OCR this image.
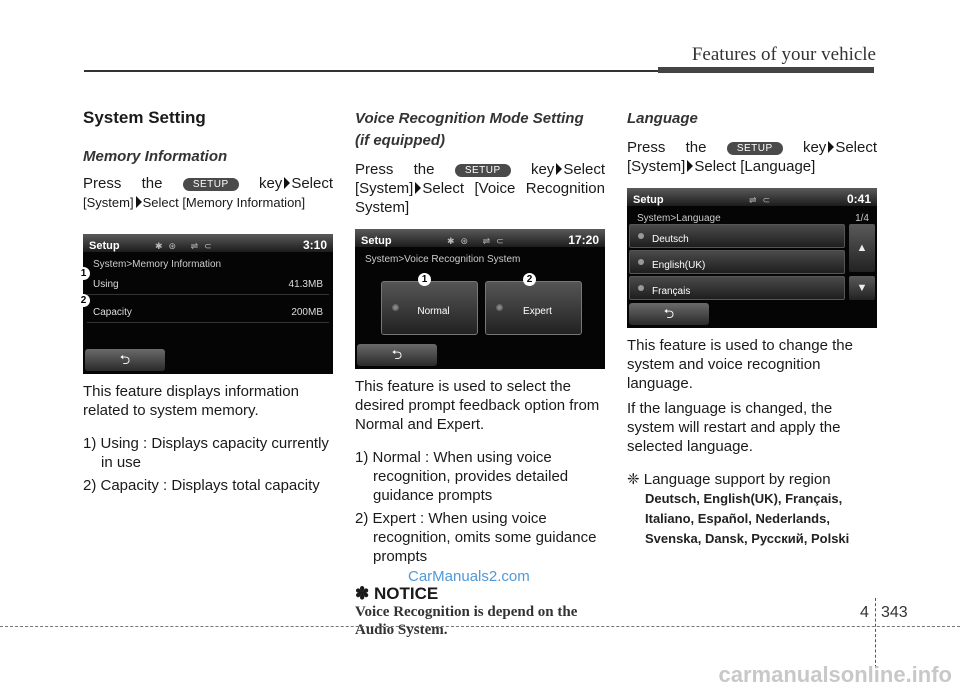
Features of your vehicle
System Setting
Memory Information

Press the	SETUP key Select

[System] Select [Memory Information]

Setup	✱⊛ ⇌⊂	3:10
System>Memory Information
Using	41.3MB
Capacity	200MB
⮌

This feature displays information related to system memory.

1) Using : Displays capacity currently in use
2) Capacity : Displays total capacity
1
2
Voice Recognition Mode Setting
(if equipped)

Press the	SETUP key Select

[System] Select [Voice Recognition

System]

Setup	✱⊛ ⇌⊂	17:20
System>Voice Recognition System
Normal	Expert
1	2
⮌

This feature is used to select the desired prompt feedback option from Normal and Expert.

1) Normal : When using voice recognition, provides detailed guidance prompts
2) Expert : When using voice recognition, omits some guidance prompts
✽ NOTICE
Voice Recognition is depend on the Audio System.
Language

Press the	SETUP key Select

[System] Select [Language]

Setup	⇌⊂	0:41
System>Language	1/4
Deutsch
English(UK)
Français
▲
▼
⮌

This feature is used to change the system and voice recognition language.

If the language is changed, the system will restart and apply the selected language.

❈ Language support by region

Deutsch, English(UK), Français,
Italiano, Español, Nederlands,
Svenska, Dansk, Русский, Polski
CarManuals2.com
4 343
carmanualsonline.info
